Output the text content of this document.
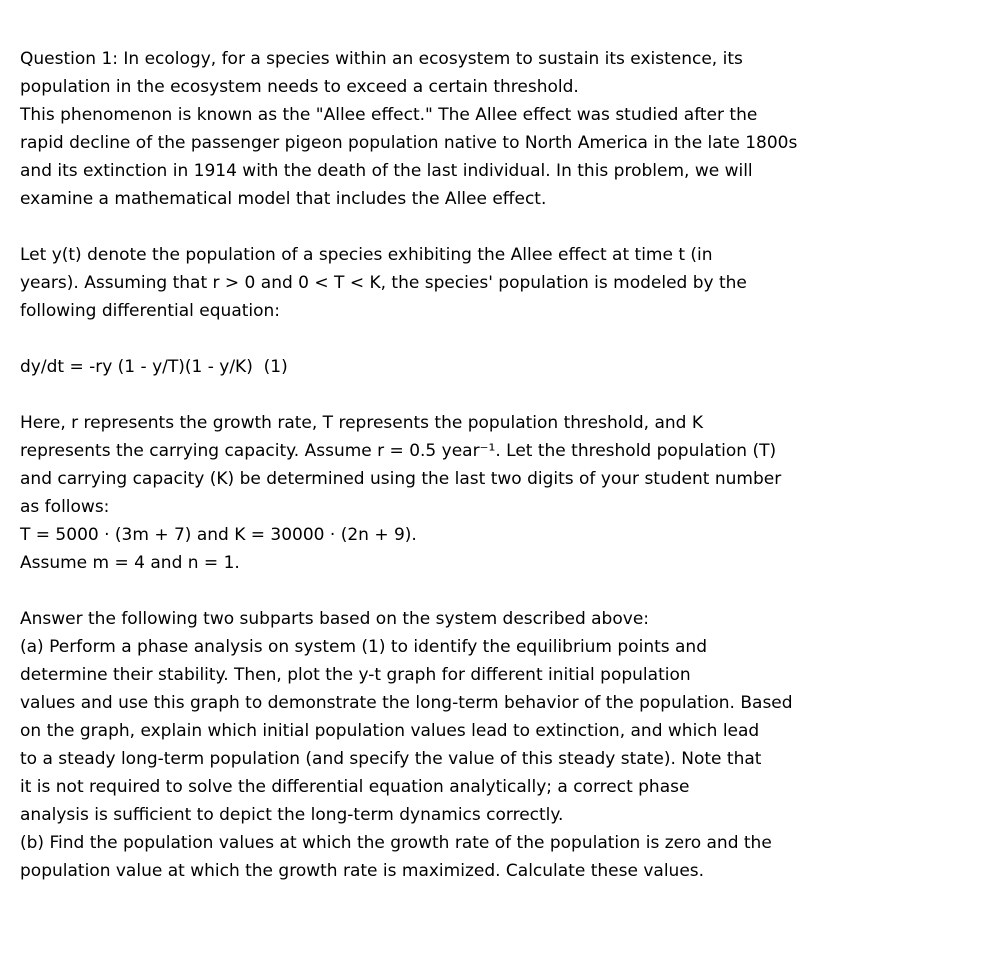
Question 1: In ecology, for a species within an ecosystem to sustain its existence, its
population in the ecosystem needs to exceed a certain threshold.
This phenomenon is known as the "Allee effect." The Allee effect was studied after the
rapid decline of the passenger pigeon population native to North America in the late 1800s
and its extinction in 1914 with the death of the last individual. In this problem, we will
examine a mathematical model that includes the Allee effect.
Let y(t) denote the population of a species exhibiting the Allee effect at time t (in
years). Assuming that r > 0 and 0 < T < K, the species' population is modeled by the
following differential equation:
dy/dt = -ry (1 - y/T)(1 - y/K)  (1)
Here, r represents the growth rate, T represents the population threshold, and K
represents the carrying capacity. Assume r = 0.5 year⁻¹. Let the threshold population (T)
and carrying capacity (K) be determined using the last two digits of your student number
as follows:
T = 5000 · (3m + 7) and K = 30000 · (2n + 9).
Assume m = 4 and n = 1.
Answer the following two subparts based on the system described above:
(a) Perform a phase analysis on system (1) to identify the equilibrium points and
determine their stability. Then, plot the y-t graph for different initial population
values and use this graph to demonstrate the long-term behavior of the population. Based
on the graph, explain which initial population values lead to extinction, and which lead
to a steady long-term population (and specify the value of this steady state). Note that
it is not required to solve the differential equation analytically; a correct phase
analysis is sufficient to depict the long-term dynamics correctly.
(b) Find the population values at which the growth rate of the population is zero and the
population value at which the growth rate is maximized. Calculate these values.
